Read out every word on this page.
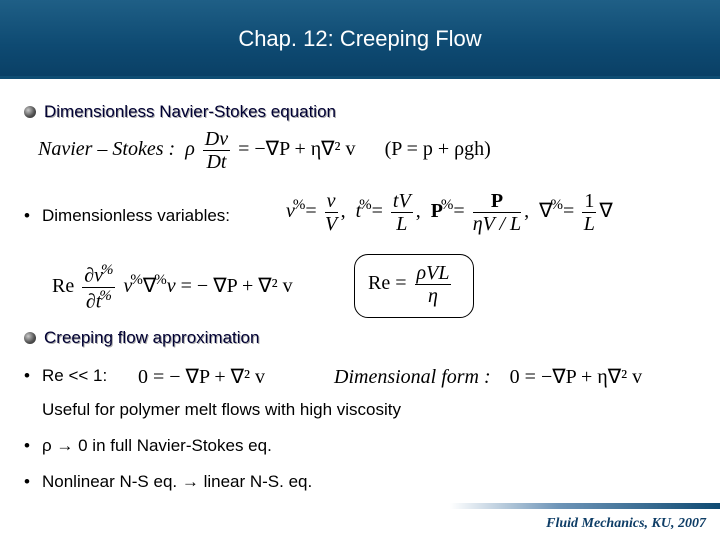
Chap. 12: Creeping Flow
Dimensionless Navier-Stokes equation
Navier – Stokes :  ρ $\frac{Dv}{Dt} = -\nabla P + \eta\nabla^2$ v (P = p + ρgh)
• Dimensionless variables:	$v^{\%}= \frac{v}{V}$ ,  $t^{\%}= \frac{tV}{L}$ ,  $P^{\%}= \frac{P}{\eta V / L}$ ,  $\nabla^{\%}= \frac{1}{L}$ ∇
Re $\frac{\partial v^{\%}}{\partial t^{\%}} v^{\%}\nabla^{\%}v$ = − ∇P + ∇² v	$Re = \frac{\text{ρVL}}{\eta}$
Creeping flow approximation
• Re << 1: 0 = − ∇P + ∇² v	Dimensional form : 0 = −∇P + η∇² v
Useful for polymer melt flows with high viscosity
• ρ → 0 in full Navier-Stokes eq.
• Nonlinear N-S eq. → linear N-S. eq.
Fluid Mechanics, KU, 2007
